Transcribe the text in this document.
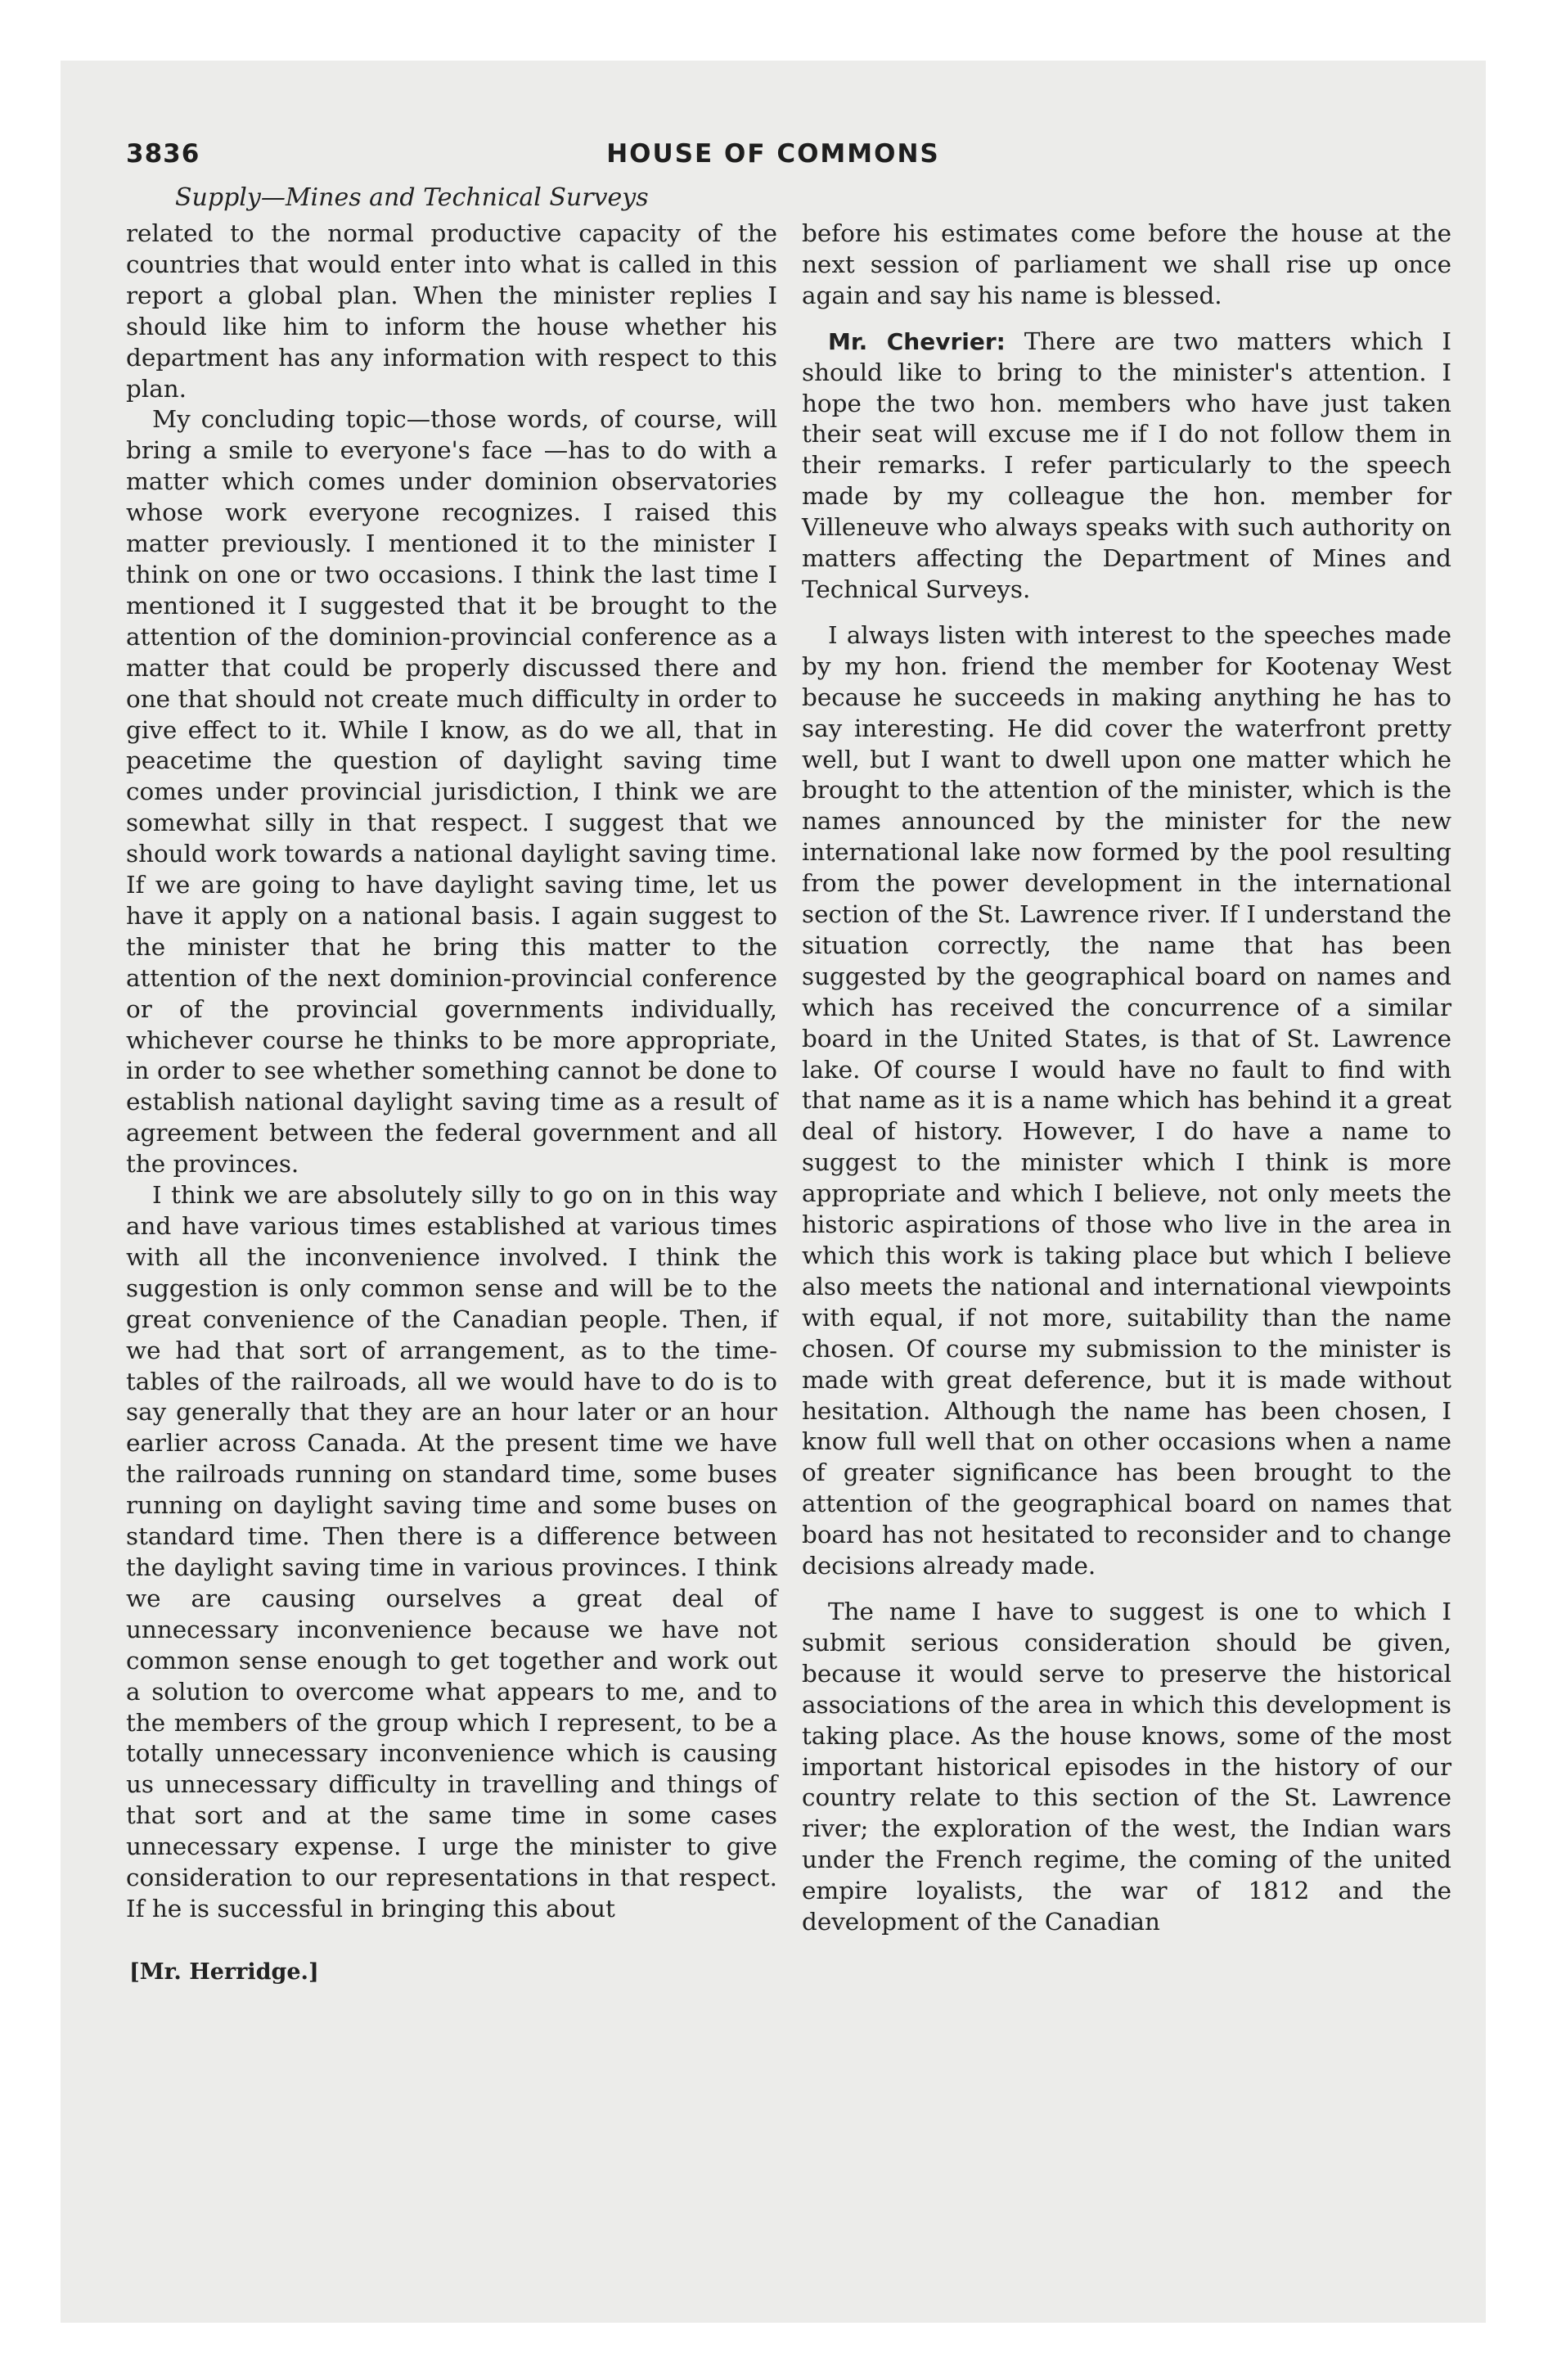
3836	HOUSE OF COMMONS
Supply—Mines and Technical Surveys

related to the normal productive capacity of the countries that would enter into what is called in this report a global plan. When the minister replies I should like him to inform the house whether his department has any information with respect to this plan.

My concluding topic—those words, of course, will bring a smile to everyone's face —has to do with a matter which comes under dominion observatories whose work everyone recognizes. I raised this matter previously. I mentioned it to the minister I think on one or two occasions. I think the last time I mentioned it I suggested that it be brought to the attention of the dominion-provincial conference as a matter that could be properly discussed there and one that should not create much difficulty in order to give effect to it. While I know, as do we all, that in peacetime the question of daylight saving time comes under provincial jurisdiction, I think we are somewhat silly in that respect. I suggest that we should work towards a national daylight saving time. If we are going to have daylight saving time, let us have it apply on a national basis. I again suggest to the minister that he bring this matter to the attention of the next dominion-provincial conference or of the provincial governments individually, whichever course he thinks to be more appropriate, in order to see whether something cannot be done to establish national daylight saving time as a result of agreement between the federal government and all the provinces.

I think we are absolutely silly to go on in this way and have various times established at various times with all the inconvenience involved. I think the suggestion is only common sense and will be to the great convenience of the Canadian people. Then, if we had that sort of arrangement, as to the timetables of the railroads, all we would have to do is to say generally that they are an hour later or an hour earlier across Canada. At the present time we have the railroads running on standard time, some buses running on daylight saving time and some buses on standard time. Then there is a difference between the daylight saving time in various provinces. I think we are causing ourselves a great deal of unnecessary inconvenience because we have not common sense enough to get together and work out a solution to overcome what appears to me, and to the members of the group which I represent, to be a totally unnecessary inconvenience which is causing us unnecessary difficulty in travelling and things of that sort and at the same time in some cases unnecessary expense. I urge the minister to give consideration to our representations in that respect. If he is successful in bringing this about

before his estimates come before the house at the next session of parliament we shall rise up once again and say his name is blessed.

Mr. Chevrier: There are two matters which I should like to bring to the minister's attention. I hope the two hon. members who have just taken their seat will excuse me if I do not follow them in their remarks. I refer particularly to the speech made by my colleague the hon. member for Villeneuve who always speaks with such authority on matters affecting the Department of Mines and Technical Surveys.

I always listen with interest to the speeches made by my hon. friend the member for Kootenay West because he succeeds in making anything he has to say interesting. He did cover the waterfront pretty well, but I want to dwell upon one matter which he brought to the attention of the minister, which is the names announced by the minister for the new international lake now formed by the pool resulting from the power development in the international section of the St. Lawrence river. If I understand the situation correctly, the name that has been suggested by the geographical board on names and which has received the concurrence of a similar board in the United States, is that of St. Lawrence lake. Of course I would have no fault to find with that name as it is a name which has behind it a great deal of history. However, I do have a name to suggest to the minister which I think is more appropriate and which I believe, not only meets the historic aspirations of those who live in the area in which this work is taking place but which I believe also meets the national and international viewpoints with equal, if not more, suitability than the name chosen. Of course my submission to the minister is made with great deference, but it is made without hesitation. Although the name has been chosen, I know full well that on other occasions when a name of greater significance has been brought to the attention of the geographical board on names that board has not hesitated to reconsider and to change decisions already made.

The name I have to suggest is one to which I submit serious consideration should be given, because it would serve to preserve the historical associations of the area in which this development is taking place. As the house knows, some of the most important historical episodes in the history of our country relate to this section of the St. Lawrence river; the exploration of the west, the Indian wars under the French regime, the coming of the united empire loyalists, the war of 1812 and the development of the Canadian

[Mr. Herridge.]
